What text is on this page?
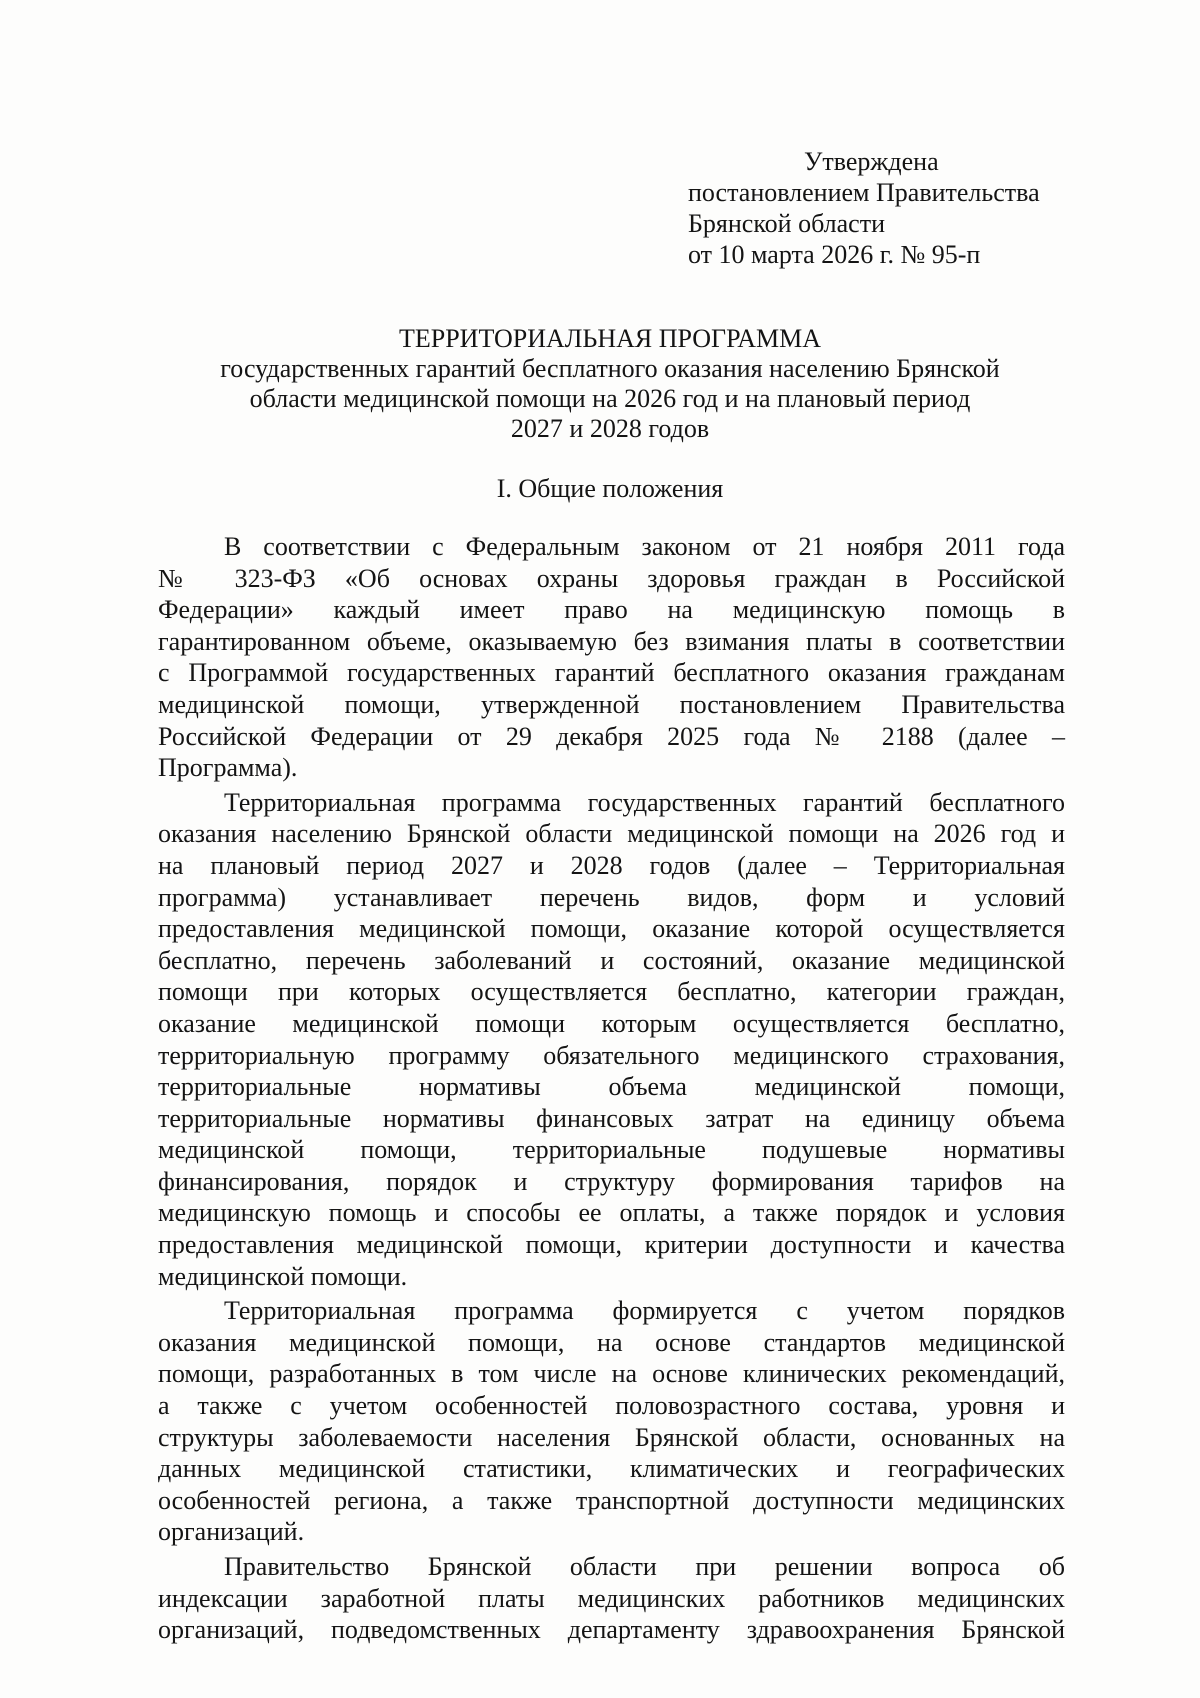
Утверждена
постановлением Правительства
Брянской области
от 10 марта 2026 г. № 95-п
ТЕРРИТОРИАЛЬНАЯ ПРОГРАММА
государственных гарантий бесплатного оказания населению Брянской
области медицинской помощи на 2026 год и на плановый период
2027 и 2028 годов
I. Общие положения
В соответствии с Федеральным законом от 21 ноября 2011 года
№ 323-ФЗ «Об основах охраны здоровья граждан в Российской
Федерации» каждый имеет право на медицинскую помощь в
гарантированном объеме, оказываемую без взимания платы в соответствии
с Программой государственных гарантий бесплатного оказания гражданам
медицинской помощи, утвержденной постановлением Правительства
Российской Федерации от 29 декабря 2025 года № 2188 (далее –
Программа).
Территориальная программа государственных гарантий бесплатного
оказания населению Брянской области медицинской помощи на 2026 год и
на плановый период 2027 и 2028 годов (далее – Территориальная
программа) устанавливает перечень видов, форм и условий
предоставления медицинской помощи, оказание которой осуществляется
бесплатно, перечень заболеваний и состояний, оказание медицинской
помощи при которых осуществляется бесплатно, категории граждан,
оказание медицинской помощи которым осуществляется бесплатно,
территориальную программу обязательного медицинского страхования,
территориальные нормативы объема медицинской помощи,
территориальные нормативы финансовых затрат на единицу объема
медицинской помощи, территориальные подушевые нормативы
финансирования, порядок и структуру формирования тарифов на
медицинскую помощь и способы ее оплаты, а также порядок и условия
предоставления медицинской помощи, критерии доступности и качества
медицинской помощи.
Территориальная программа формируется с учетом порядков
оказания медицинской помощи, на основе стандартов медицинской
помощи, разработанных в том числе на основе клинических рекомендаций,
а также с учетом особенностей половозрастного состава, уровня и
структуры заболеваемости населения Брянской области, основанных на
данных медицинской статистики, климатических и географических
особенностей региона, а также транспортной доступности медицинских
организаций.
Правительство Брянской области при решении вопроса об
индексации заработной платы медицинских работников медицинских
организаций, подведомственных департаменту здравоохранения Брянской
